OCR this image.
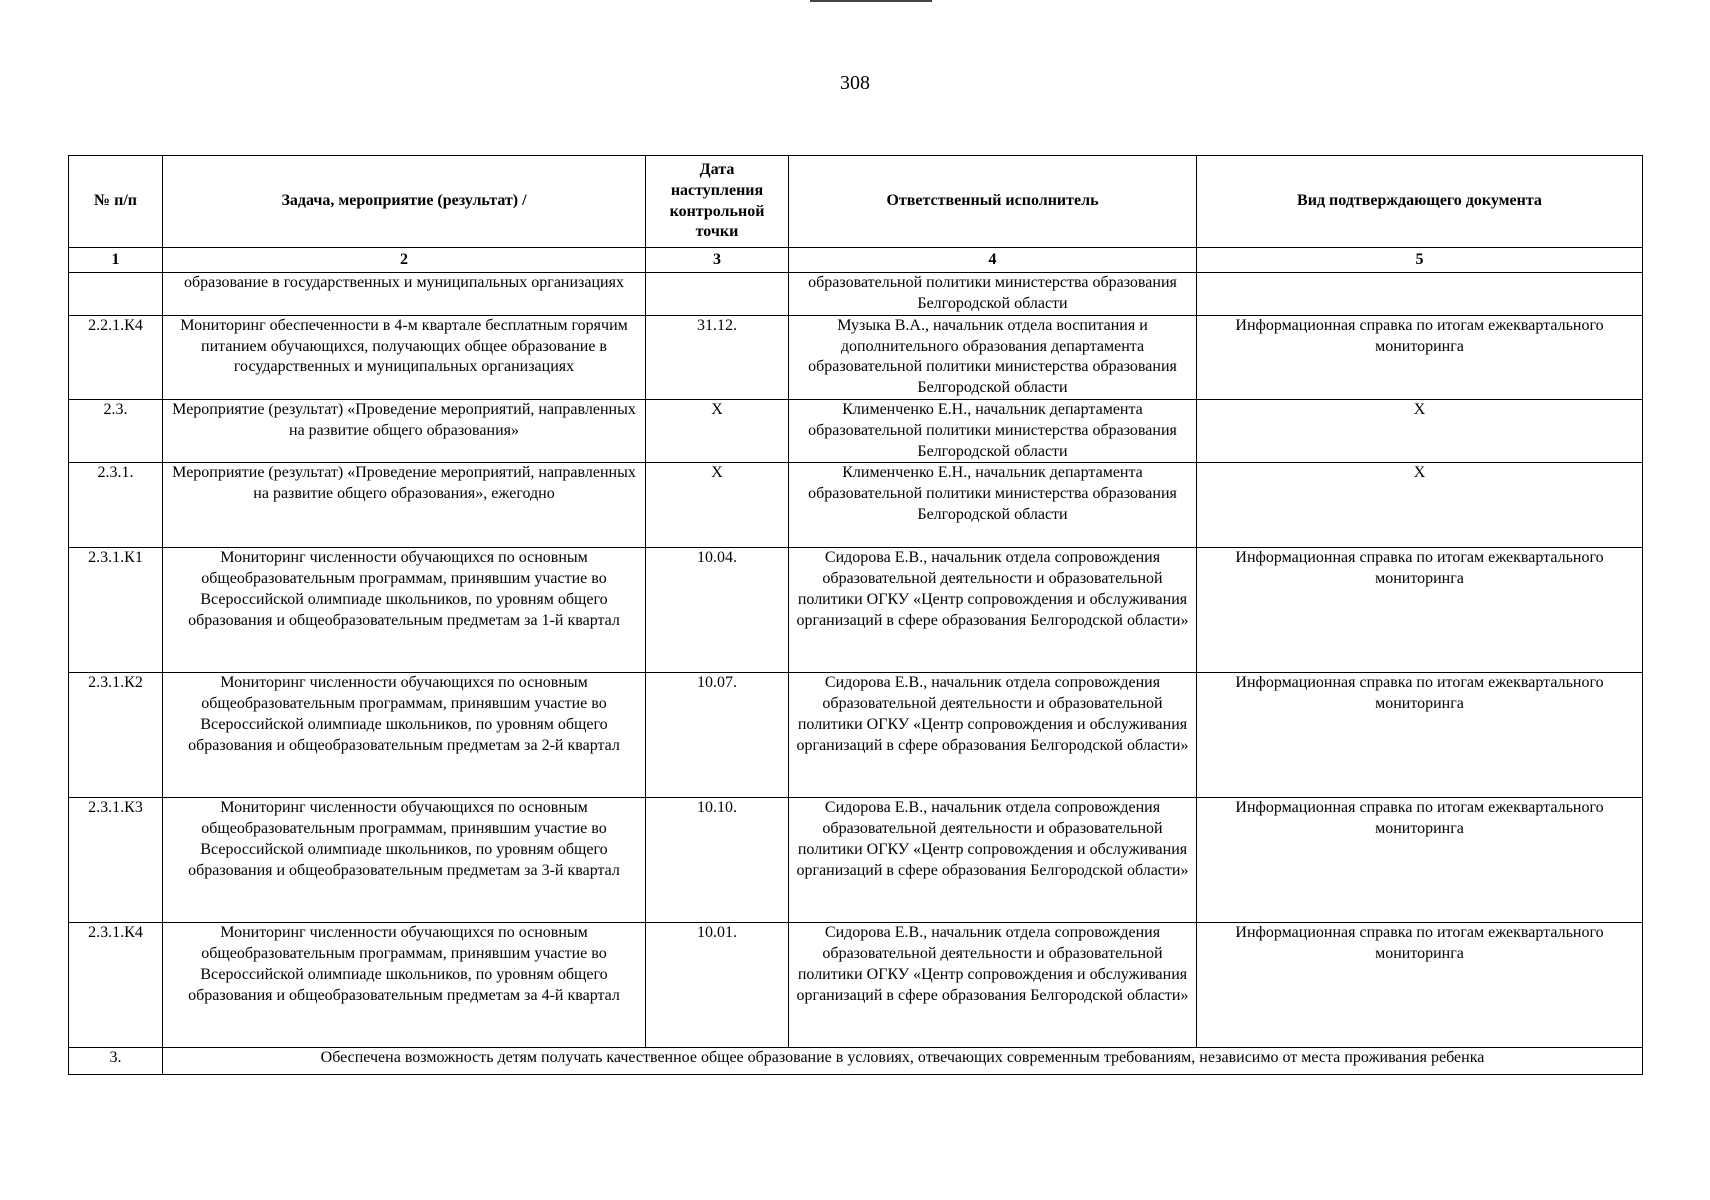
308
№ п/п	Задача, мероприятие (результат) /	Дата наступления контрольной точки	Ответственный исполнитель	Вид подтверждающего документа
1	2	3	4	5
	образование в государственных и муниципальных организациях		образовательной политики министерства образования Белгородской области	
2.2.1.К4	Мониторинг обеспеченности в 4-м квартале бесплатным горячим питанием обучающихся, получающих общее образование в государственных и муниципальных организациях	31.12.	Музыка В.А., начальник отдела воспитания и дополнительного образования департамента образовательной политики министерства образования Белгородской области	Информационная справка по итогам ежеквартального мониторинга
2.3.	Мероприятие (результат) «Проведение мероприятий, направленных на развитие общего образования»	Х	Клименченко Е.Н., начальник департамента образовательной политики министерства образования Белгородской области	Х
2.3.1.	Мероприятие (результат) «Проведение мероприятий, направленных на развитие общего образования», ежегодно	Х	Клименченко Е.Н., начальник департамента образовательной политики министерства образования Белгородской области	Х
2.3.1.К1	Мониторинг численности обучающихся по основным общеобразовательным программам, принявшим участие во Всероссийской олимпиаде школьников, по уровням общего образования и общеобразовательным предметам за 1-й квартал	10.04.	Сидорова Е.В., начальник отдела сопровождения образовательной деятельности и образовательной политики ОГКУ «Центр сопровождения и обслуживания организаций в сфере образования Белгородской области»	Информационная справка по итогам ежеквартального мониторинга
2.3.1.К2	Мониторинг численности обучающихся по основным общеобразовательным программам, принявшим участие во Всероссийской олимпиаде школьников, по уровням общего образования и общеобразовательным предметам за 2-й квартал	10.07.	Сидорова Е.В., начальник отдела сопровождения образовательной деятельности и образовательной политики ОГКУ «Центр сопровождения и обслуживания организаций в сфере образования Белгородской области»	Информационная справка по итогам ежеквартального мониторинга
2.3.1.К3	Мониторинг численности обучающихся по основным общеобразовательным программам, принявшим участие во Всероссийской олимпиаде школьников, по уровням общего образования и общеобразовательным предметам за 3-й квартал	10.10.	Сидорова Е.В., начальник отдела сопровождения образовательной деятельности и образовательной политики ОГКУ «Центр сопровождения и обслуживания организаций в сфере образования Белгородской области»	Информационная справка по итогам ежеквартального мониторинга
2.3.1.К4	Мониторинг численности обучающихся по основным общеобразовательным программам, принявшим участие во Всероссийской олимпиаде школьников, по уровням общего образования и общеобразовательным предметам за 4-й квартал	10.01.	Сидорова Е.В., начальник отдела сопровождения образовательной деятельности и образовательной политики ОГКУ «Центр сопровождения и обслуживания организаций в сфере образования Белгородской области»	Информационная справка по итогам ежеквартального мониторинга
3.	Обеспечена возможность детям получать качественное общее образование в условиях, отвечающих современным требованиям, независимо от места проживания ребенка			
